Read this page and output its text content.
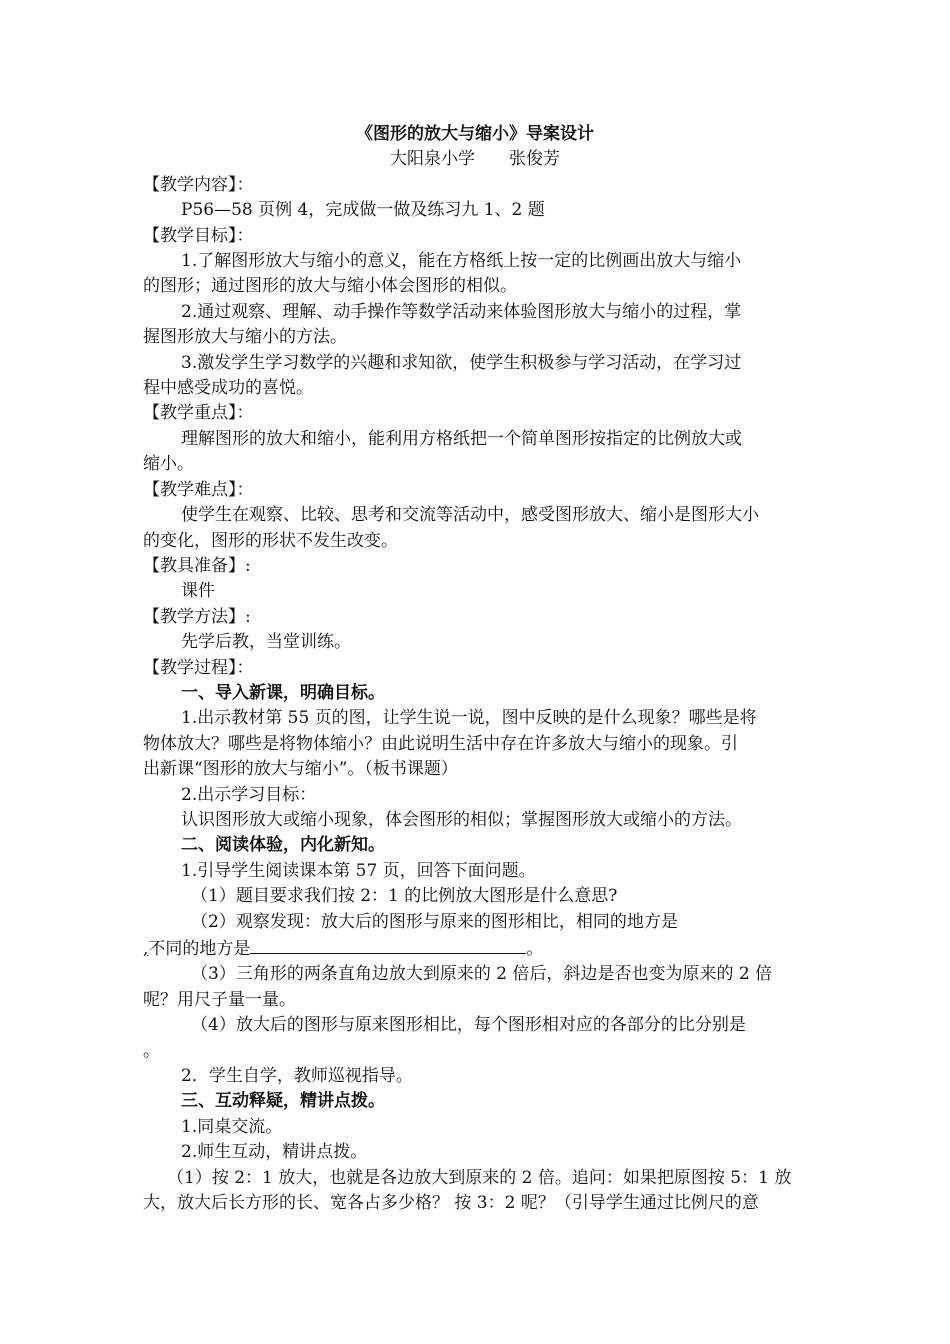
《图形的放大与缩小》导案设计
大阳泉小学 张俊芳
【教学内容】：
P56—58 页例 4，完成做一做及练习九 1、2 题
【教学目标】：
1.了解图形放大与缩小的意义，能在方格纸上按一定的比例画出放大与缩小
的图形；通过图形的放大与缩小体会图形的相似。
2.通过观察、理解、动手操作等数学活动来体验图形放大与缩小的过程，掌
握图形放大与缩小的方法。
3.激发学生学习数学的兴趣和求知欲，使学生积极参与学习活动，在学习过
程中感受成功的喜悦。
【教学重点】：
理解图形的放大和缩小，能利用方格纸把一个简单图形按指定的比例放大或
缩小。
【教学难点】：
使学生在观察、比较、思考和交流等活动中，感受图形放大、缩小是图形大小
的变化，图形的形状不发生改变。
【教具准备】:
课件
【教学方法】:
先学后教，当堂训练。
【教学过程】：
一、导入新课，明确目标。
1.出示教材第 55 页的图，让学生说一说，图中反映的是什么现象？哪些是将
物体放大？哪些是将物体缩小？由此说明生活中存在许多放大与缩小的现象。引
出新课“图形的放大与缩小”。（板书课题）
2.出示学习目标：
认识图形放大或缩小现象，体会图形的相似；掌握图形放大或缩小的方法。
二、阅读体验，内化新知。
1.引导学生阅读课本第 57 页，回答下面问题。
（1）题目要求我们按 2：1 的比例放大图形是什么意思?
（2）观察发现：放大后的图形与原来的图形相比，相同的地方是
,不同的地方是	。
（3）三角形的两条直角边放大到原来的 2 倍后，斜边是否也变为原来的 2 倍
呢？用尺子量一量。
（4）放大后的图形与原来图形相比，每个图形相对应的各部分的比分别是
。
2．学生自学，教师巡视指导。
三、互动释疑，精讲点拨。
1.同桌交流。
2.师生互动，精讲点拨。
（1）按 2：1 放大，也就是各边放大到原来的 2 倍。追问：如果把原图按 5：1 放
大，放大后长方形的长、宽各占多少格？ 按 3：2 呢？（引导学生通过比例尺的意
